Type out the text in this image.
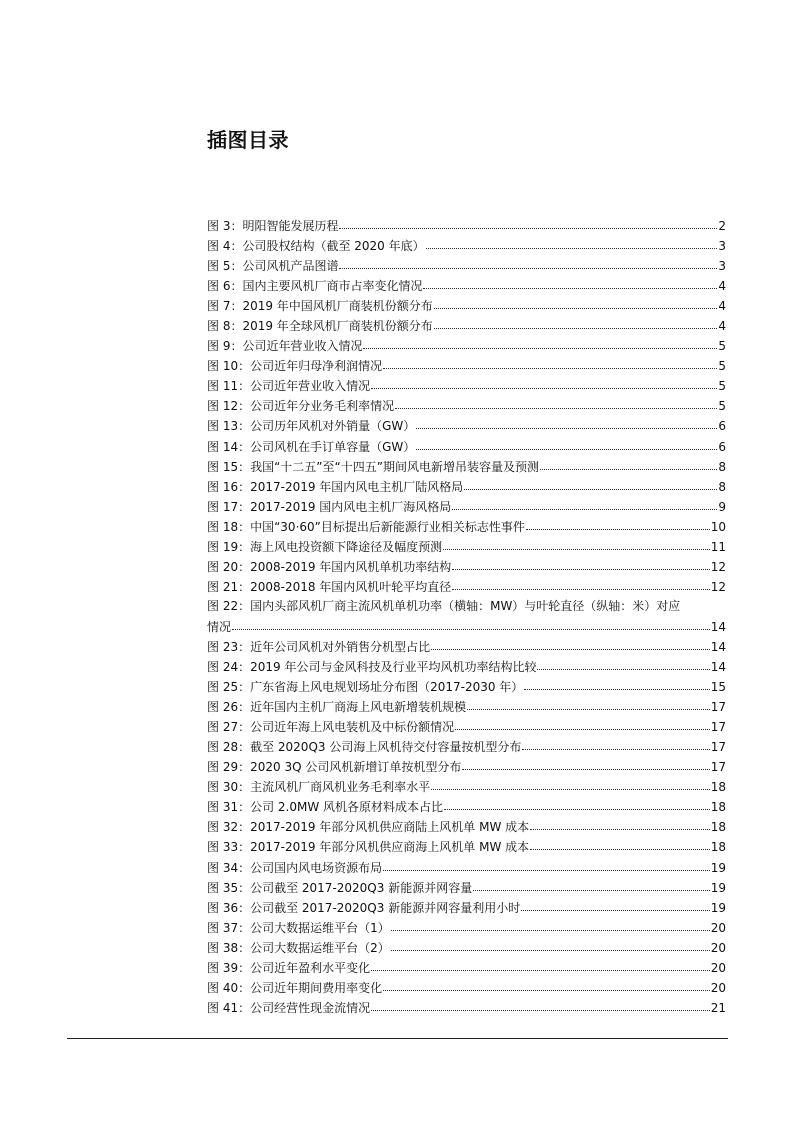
插图目录
图 3：明阳智能发展历程	2
图 4：公司股权结构（截至 2020 年底）	3
图 5：公司风机产品图谱	3
图 6：国内主要风机厂商市占率变化情况	4
图 7：2019 年中国风机厂商装机份额分布	4
图 8：2019 年全球风机厂商装机份额分布	4
图 9：公司近年营业收入情况	5
图 10：公司近年归母净利润情况	5
图 11：公司近年营业收入情况	5
图 12：公司近年分业务毛利率情况	5
图 13：公司历年风机对外销量（GW）	6
图 14：公司风机在手订单容量（GW）	6
图 15：我国“十二五”至“十四五”期间风电新增吊装容量及预测	8
图 16：2017-2019 年国内风电主机厂陆风格局	8
图 17：2017-2019 国内风电主机厂海风格局	9
图 18：中国“30·60”目标提出后新能源行业相关标志性事件	10
图 19：海上风电投资额下降途径及幅度预测	11
图 20：2008-2019 年国内风机单机功率结构	12
图 21：2008-2018 年国内风机叶轮平均直径	12
图 22：国内头部风机厂商主流风机单机功率（横轴：MW）与叶轮直径（纵轴：米）对应
情况	14
图 23：近年公司风机对外销售分机型占比	14
图 24：2019 年公司与金风科技及行业平均风机功率结构比较	14
图 25：广东省海上风电规划场址分布图（2017-2030 年）	15
图 26：近年国内主机厂商海上风电新增装机规模	17
图 27：公司近年海上风电装机及中标份额情况	17
图 28：截至 2020Q3 公司海上风机待交付容量按机型分布	17
图 29：2020 3Q 公司风机新增订单按机型分布	17
图 30：主流风机厂商风机业务毛利率水平	18
图 31：公司 2.0MW 风机各原材料成本占比	18
图 32：2017-2019 年部分风机供应商陆上风机单 MW 成本	18
图 33：2017-2019 年部分风机供应商海上风机单 MW 成本	18
图 34：公司国内风电场资源布局	19
图 35：公司截至 2017-2020Q3 新能源并网容量	19
图 36：公司截至 2017-2020Q3 新能源并网容量利用小时	19
图 37：公司大数据运维平台（1）	20
图 38：公司大数据运维平台（2）	20
图 39：公司近年盈利水平变化	20
图 40：公司近年期间费用率变化	20
图 41：公司经营性现金流情况	21
